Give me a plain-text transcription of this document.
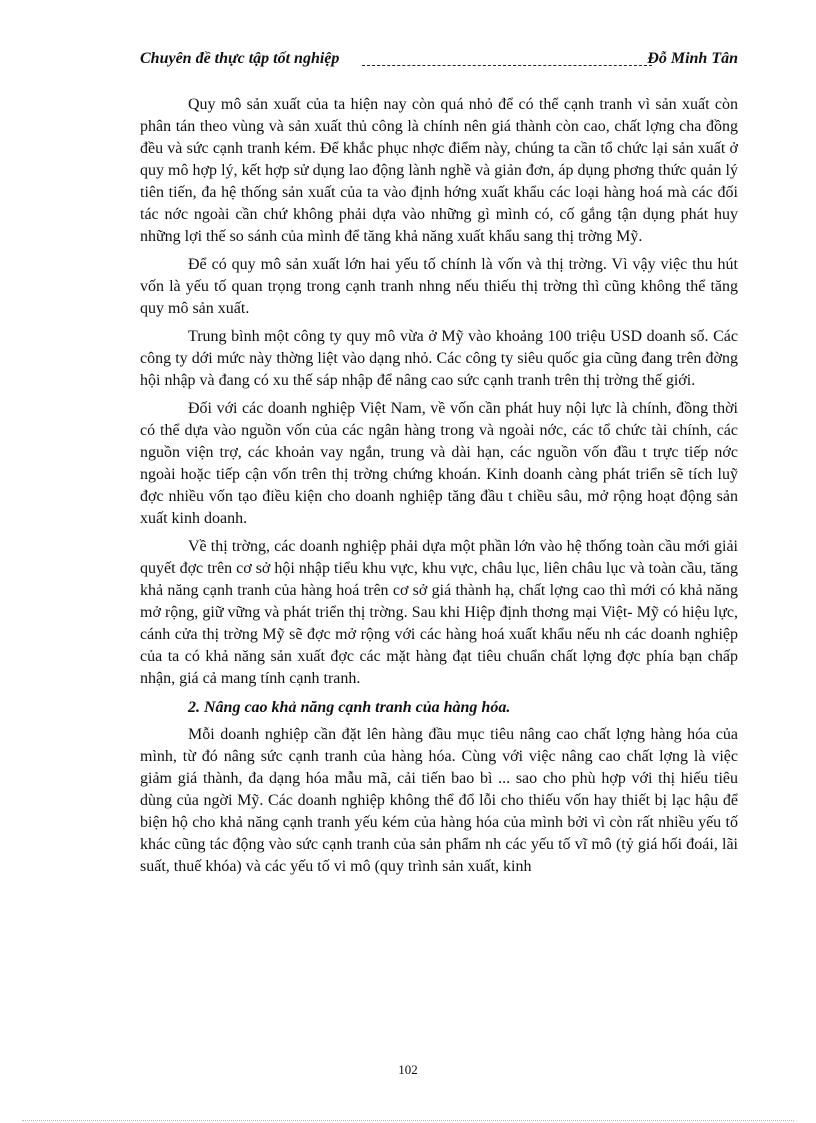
Chuyên đề thực tập tốt nghiệp	Đỗ Minh Tân

Quy mô sản xuất của ta hiện nay còn quá nhỏ để có thể cạnh tranh vì sản xuất còn phân tán theo vùng và sản xuất thủ công là chính nên giá thành còn cao, chất lợng cha đồng đều và sức cạnh tranh kém. Để khắc phục nhợc điểm này, chúng ta cần tổ chức lại sản xuất ở quy mô hợp lý, kết hợp sử dụng lao động lành nghề và giản đơn, áp dụng phơng thức quản lý tiên tiến, đa hệ thống sản xuất của ta vào định hớng xuất khẩu các loại hàng hoá mà các đối tác nớc ngoài cần chứ không phải dựa vào những gì mình có, cố gắng tận dụng phát huy những lợi thế so sánh của mình để tăng khả năng xuất khẩu sang thị trờng Mỹ.

Để có quy mô sản xuất lớn hai yếu tố chính là vốn và thị trờng. Vì vậy việc thu hút vốn là yếu tố quan trọng trong cạnh tranh nhng nếu thiếu thị trờng thì cũng không thể tăng quy mô sản xuất.

Trung bình một công ty quy mô vừa ở Mỹ vào khoảng 100 triệu USD doanh số. Các công ty dới mức này thờng liệt vào dạng nhỏ. Các công ty siêu quốc gia cũng đang trên đờng hội nhập và đang có xu thế sáp nhập để nâng cao sức cạnh tranh trên thị trờng thế giới.

Đối với các doanh nghiệp Việt Nam, về vốn cần phát huy nội lực là chính, đồng thời có thể dựa vào nguồn vốn của các ngân hàng trong và ngoài nớc, các tổ chức tài chính, các nguồn viện trợ, các khoản vay ngắn, trung và dài hạn, các nguồn vốn đầu t trực tiếp nớc ngoài hoặc tiếp cận vốn trên thị trờng chứng khoán. Kinh doanh càng phát triển sẽ tích luỹ đợc nhiều vốn tạo điều kiện cho doanh nghiệp tăng đầu t chiều sâu, mở rộng hoạt động sản xuất kinh doanh.

Về thị trờng, các doanh nghiệp phải dựa một phần lớn vào hệ thống toàn cầu mới giải quyết đợc trên cơ sở hội nhập tiểu khu vực, khu vực, châu lục, liên châu lục và toàn cầu, tăng khả năng cạnh tranh của hàng hoá trên cơ sở giá thành hạ, chất lợng cao thì mới có khả năng mở rộng, giữ vững và phát triển thị trờng. Sau khi Hiệp định thơng mại Việt- Mỹ có hiệu lực, cánh cửa thị trờng Mỹ sẽ đợc mở rộng với các hàng hoá xuất khẩu nếu nh các doanh nghiệp của ta có khả năng sản xuất đợc các mặt hàng đạt tiêu chuẩn chất lợng đợc phía bạn chấp nhận, giá cả mang tính cạnh tranh.

2. Nâng cao khả năng cạnh tranh của hàng hóa.

Mỗi doanh nghiệp cần đặt lên hàng đầu mục tiêu nâng cao chất lợng hàng hóa của mình, từ đó nâng sức cạnh tranh của hàng hóa. Cùng với việc nâng cao chất lợng là việc giảm giá thành, đa dạng hóa mẫu mã, cải tiến bao bì ... sao cho phù hợp với thị hiếu tiêu dùng của ngời Mỹ. Các doanh nghiệp không thể đổ lỗi cho thiếu vốn hay thiết bị lạc hậu để biện hộ cho khả năng cạnh tranh yếu kém của hàng hóa của mình bởi vì còn rất nhiều yếu tố khác cũng tác động vào sức cạnh tranh của sản phẩm nh các yếu tố vĩ mô (tỷ giá hối đoái, lãi suất, thuế khóa) và các yếu tố vi mô (quy trình sản xuất, kinh

102
